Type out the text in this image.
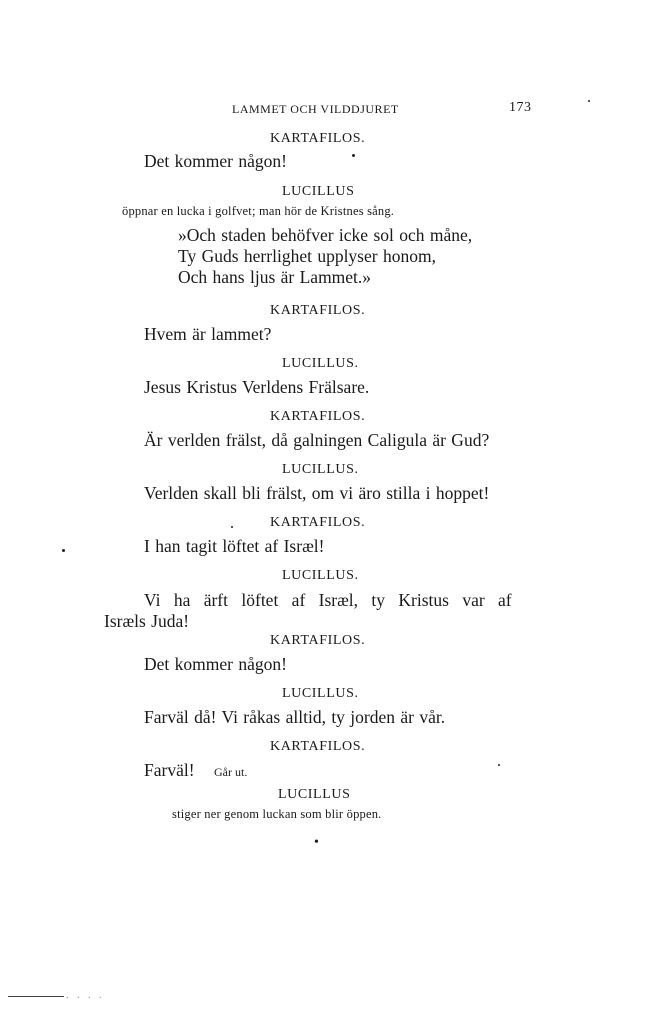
LAMMET OCH VILDDJURET	173
KARTAFILOS.
Det kommer någon!
LUCILLUS
öppnar en lucka i golfvet; man hör de Kristnes sång.
»Och staden behöfver icke sol och måne,
Ty Guds herrlighet upplyser honom,
Och hans ljus är Lammet.»
KARTAFILOS.
Hvem är lammet?
LUCILLUS.
Jesus Kristus Verldens Frälsare.
KARTAFILOS.
Är verlden frälst, då galningen Caligula är Gud?
LUCILLUS.
Verlden skall bli frälst, om vi äro stilla i hoppet!
KARTAFILOS.
I han tagit löftet af Isræl!
LUCILLUS.
Vi ha ärft löftet af Isræl, ty Kristus var af
Isræls Juda!
KARTAFILOS.
Det kommer någon!
LUCILLUS.
Farväl då! Vi råkas alltid, ty jorden är vår.
KARTAFILOS.
Farväl! Går ut.
LUCILLUS
stiger ner genom luckan som blir öppen.
•
. . . .
